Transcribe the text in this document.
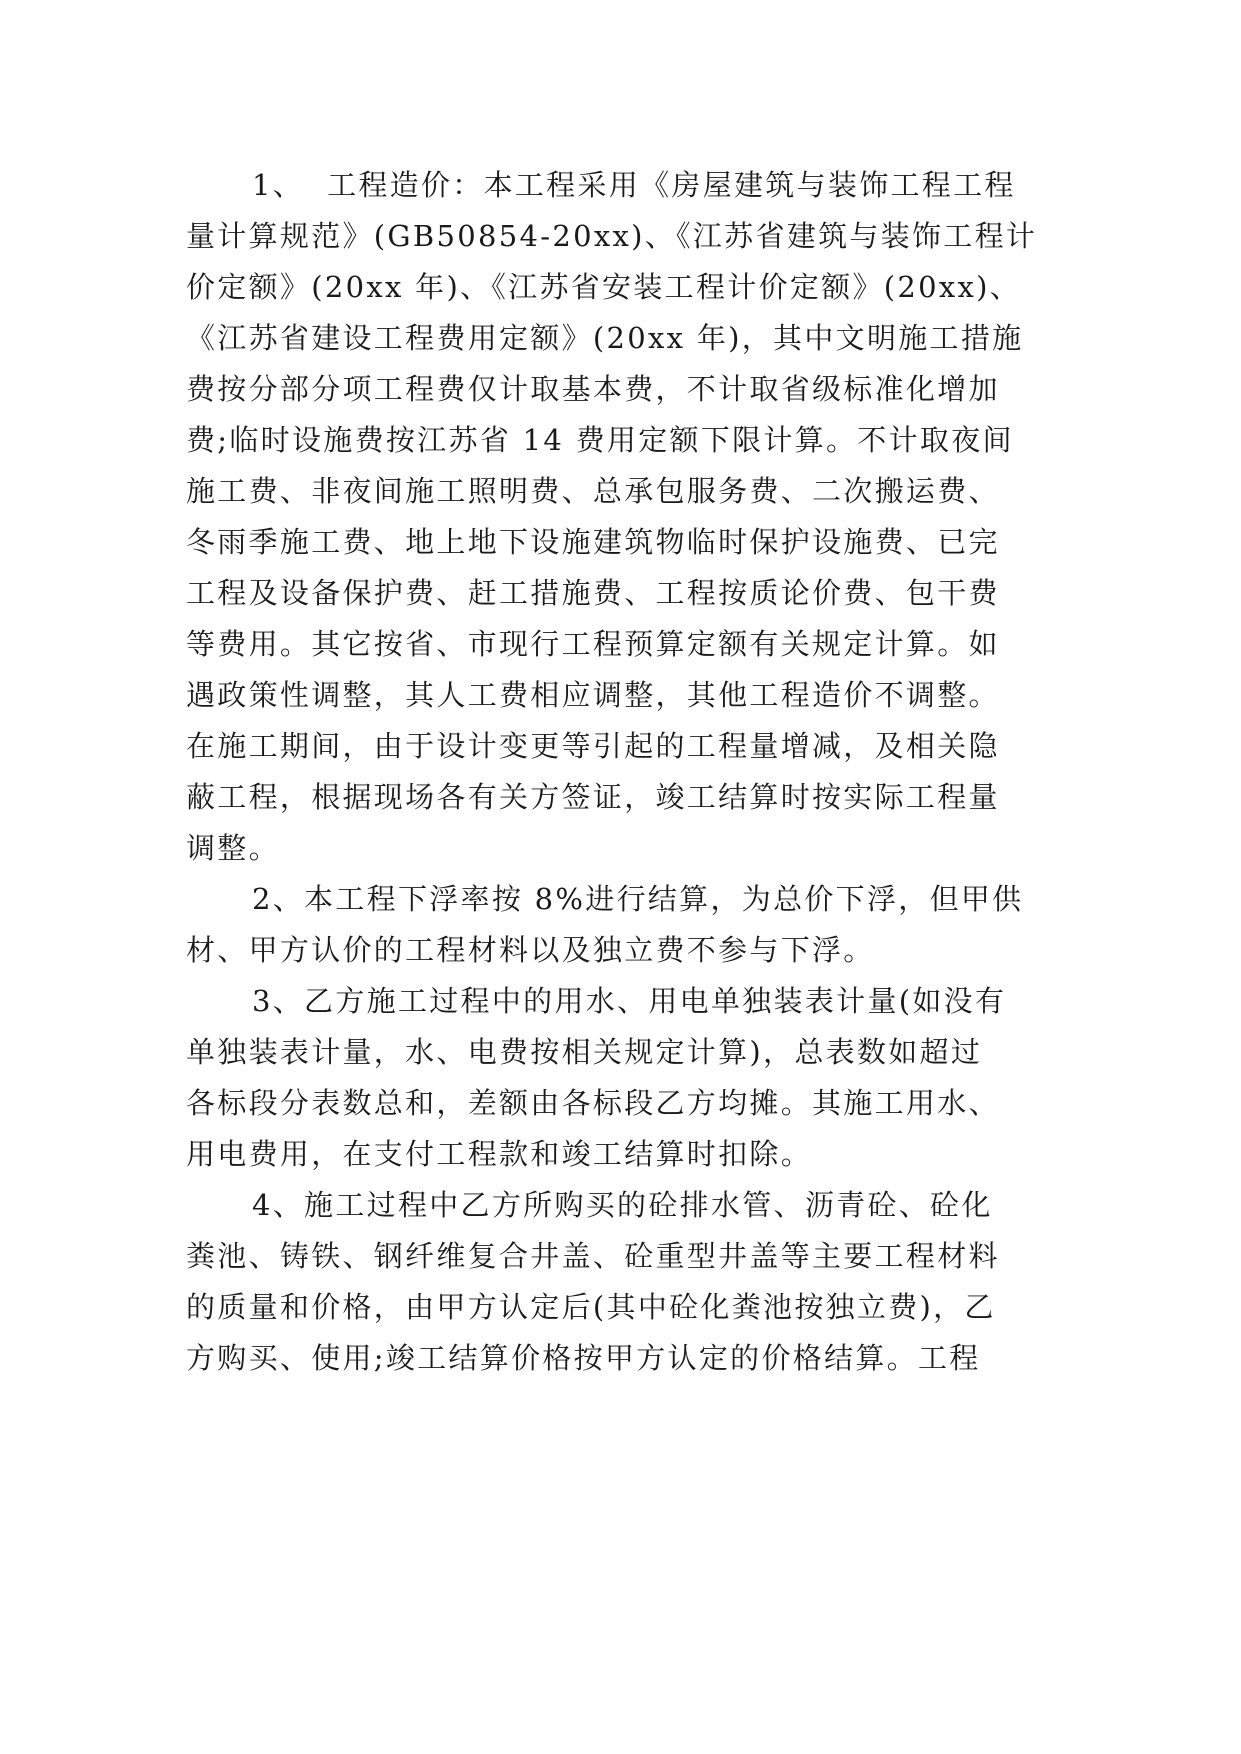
1、  工程造价：本工程采用《房屋建筑与装饰工程工程
量计算规范》(GB50854-20xx)、《江苏省建筑与装饰工程计
价定额》(20xx 年)、《江苏省安装工程计价定额》(20xx)、
《江苏省建设工程费用定额》(20xx 年)，其中文明施工措施
费按分部分项工程费仅计取基本费，不计取省级标准化增加
费;临时设施费按江苏省 14 费用定额下限计算。不计取夜间
施工费、非夜间施工照明费、总承包服务费、二次搬运费、
冬雨季施工费、地上地下设施建筑物临时保护设施费、已完
工程及设备保护费、赶工措施费、工程按质论价费、包干费
等费用。其它按省、市现行工程预算定额有关规定计算。如
遇政策性调整，其人工费相应调整，其他工程造价不调整。
在施工期间，由于设计变更等引起的工程量增减，及相关隐
蔽工程，根据现场各有关方签证，竣工结算时按实际工程量
调整。
2、本工程下浮率按 8%进行结算，为总价下浮，但甲供
材、甲方认价的工程材料以及独立费不参与下浮。
3、乙方施工过程中的用水、用电单独装表计量(如没有
单独装表计量，水、电费按相关规定计算)，总表数如超过
各标段分表数总和，差额由各标段乙方均摊。其施工用水、
用电费用，在支付工程款和竣工结算时扣除。
4、施工过程中乙方所购买的砼排水管、沥青砼、砼化
粪池、铸铁、钢纤维复合井盖、砼重型井盖等主要工程材料
的质量和价格，由甲方认定后(其中砼化粪池按独立费)，乙
方购买、使用;竣工结算价格按甲方认定的价格结算。工程
